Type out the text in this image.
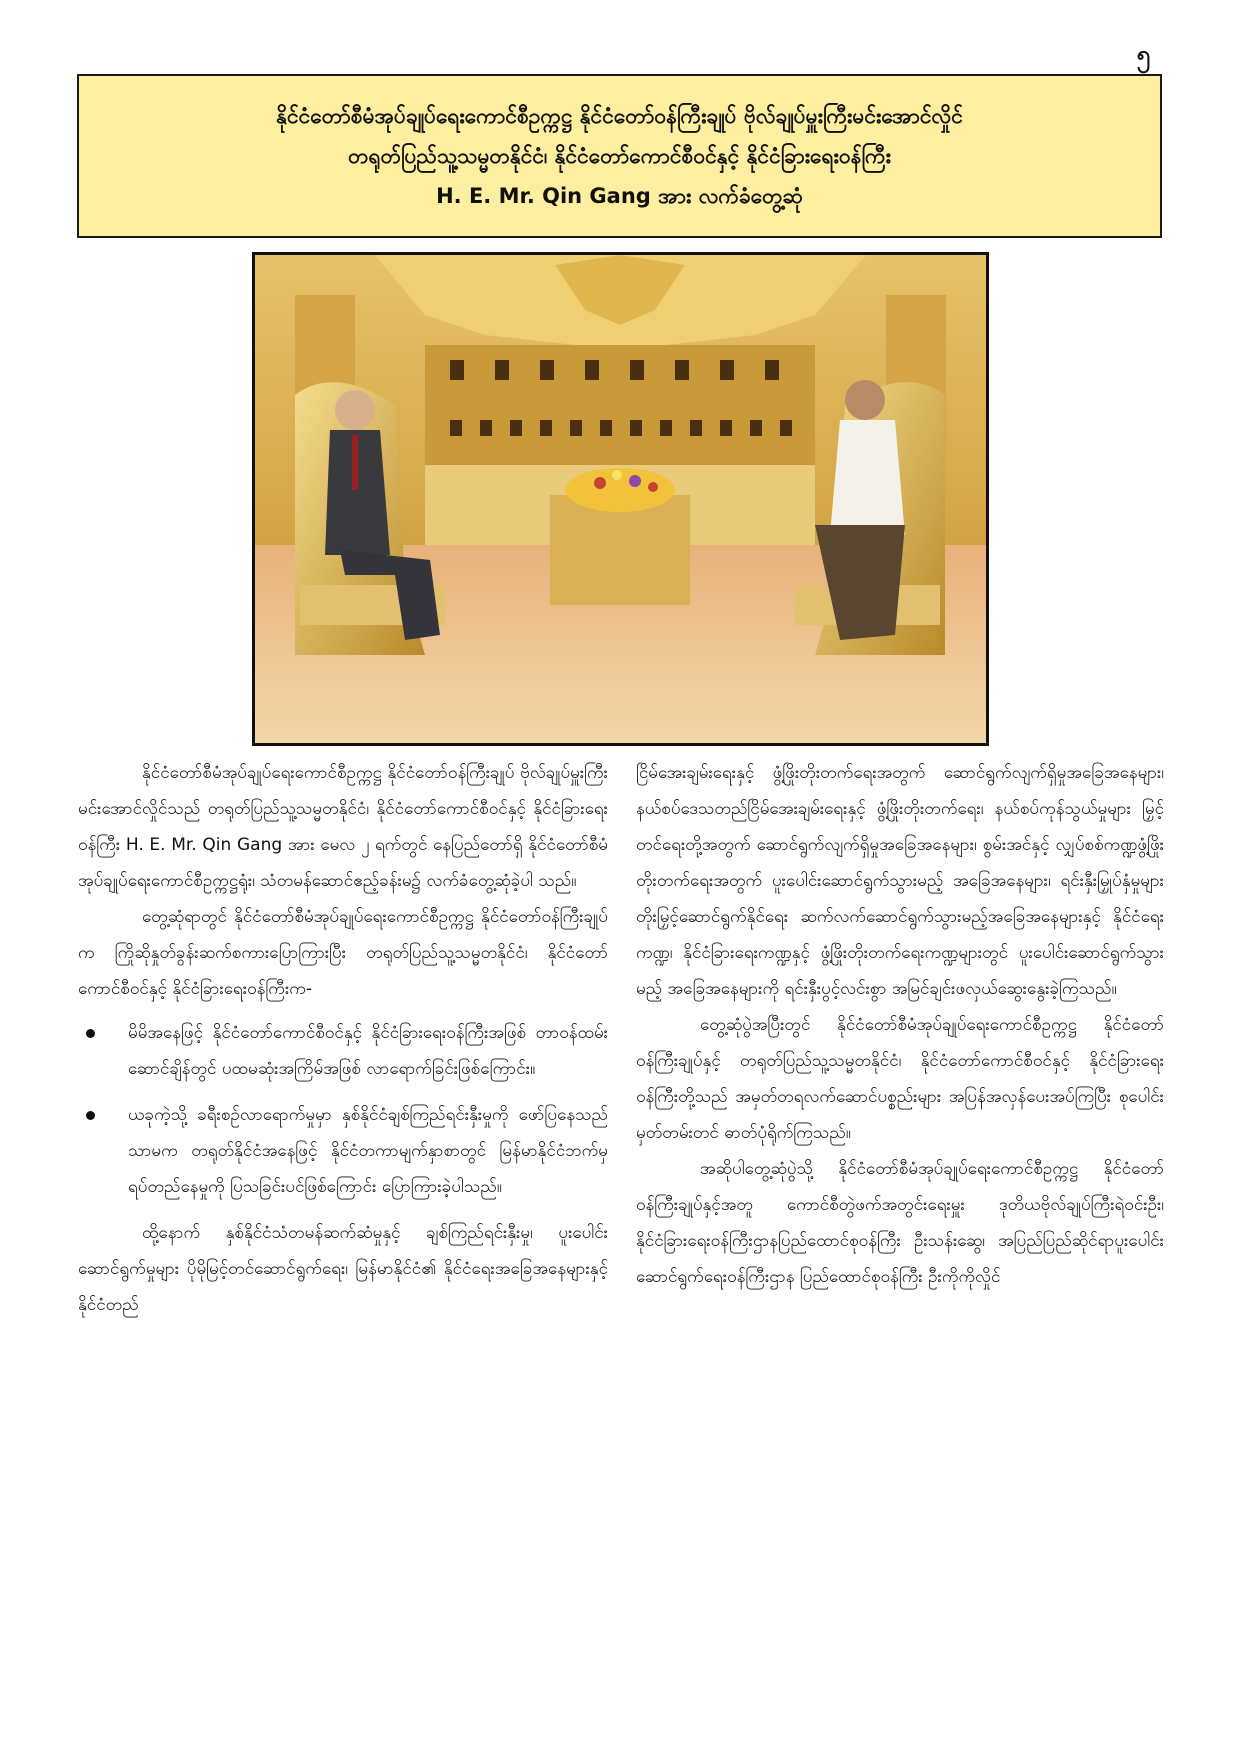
၅
နိုင်ငံတော်စီမံအုပ်ချုပ်ရေးကောင်စီဥက္ကဋ္ဌ နိုင်ငံတော်ဝန်ကြီးချုပ် ဗိုလ်ချုပ်မှူးကြီးမင်းအောင်လှိုင်
တရုတ်ပြည်သူ့သမ္မတနိုင်ငံ၊ နိုင်ငံတော်ကောင်စီဝင်နှင့် နိုင်ငံခြားရေးဝန်ကြီး
H. E. Mr. Qin Gang အား လက်ခံတွေ့ဆုံ

နိုင်ငံတော်စီမံအုပ်ချုပ်ရေးကောင်စီဥက္ကဋ္ဌ နိုင်ငံတော်ဝန်ကြီးချုပ် ဗိုလ်ချုပ်မှူးကြီး မင်းအောင်လှိုင်သည် တရုတ်ပြည်သူ့သမ္မတနိုင်ငံ၊ နိုင်ငံတော်ကောင်စီဝင်နှင့် နိုင်ငံခြားရေးဝန်ကြီး H. E. Mr. Qin Gang အား မေလ ၂ ရက်တွင် နေပြည်တော်ရှိ နိုင်ငံတော်စီမံအုပ်ချုပ်ရေးကောင်စီဥက္ကဋ္ဌရုံး၊ သံတမန်ဆောင်ဧည့်ခန်းမ၌ လက်ခံတွေ့ဆုံခဲ့ပါ သည်။

တွေ့ဆုံရာတွင် နိုင်ငံတော်စီမံအုပ်ချုပ်ရေးကောင်စီဥက္ကဋ္ဌ နိုင်ငံတော်ဝန်ကြီးချုပ်က ကြိုဆိုနှုတ်ခွန်းဆက်စကားပြောကြားပြီး တရုတ်ပြည်သူ့သမ္မတနိုင်ငံ၊ နိုင်ငံတော်ကောင်စီဝင်နှင့် နိုင်ငံခြားရေးဝန်ကြီးက-

မိမိအနေဖြင့် နိုင်ငံတော်ကောင်စီဝင်နှင့် နိုင်ငံခြားရေးဝန်ကြီးအဖြစ် တာဝန်ထမ်းဆောင်ချိန်တွင် ပထမဆုံးအကြိမ်အဖြစ် လာရောက်ခြင်းဖြစ်ကြောင်း။
ယခုကဲ့သို့ ခရီးစဉ်လာရောက်မှုမှာ နှစ်နိုင်ငံချစ်ကြည်ရင်းနှီးမှုကို ဖော်ပြနေသည်သာမက တရုတ်နိုင်ငံအနေဖြင့် နိုင်ငံတကာမျက်နှာစာတွင် မြန်မာနိုင်ငံဘက်မှ ရပ်တည်နေမှုကို ပြသခြင်းပင်ဖြစ်ကြောင်း ပြောကြားခဲ့ပါသည်။

ထို့နောက် နှစ်နိုင်ငံသံတမန်ဆက်ဆံမှုနှင့် ချစ်ကြည်ရင်းနှီးမှု၊ ပူးပေါင်းဆောင်ရွက်မှုများ ပိုမိုမြင့်တင်ဆောင်ရွက်ရေး၊ မြန်မာနိုင်ငံ၏ နိုင်ငံရေးအခြေအနေများနှင့် နိုင်ငံတည်

ငြိမ်အေးချမ်းရေးနှင့် ဖွံ့ဖြိုးတိုးတက်ရေးအတွက် ဆောင်ရွက်လျက်ရှိမှုအခြေအနေများ၊ နယ်စပ်ဒေသတည်ငြိမ်အေးချမ်းရေးနှင့် ဖွံ့ဖြိုးတိုးတက်ရေး၊ နယ်စပ်ကုန်သွယ်မှုများ မြှင့်တင်ရေးတို့အတွက် ဆောင်ရွက်လျက်ရှိမှုအခြေအနေများ၊ စွမ်းအင်နှင့် လျှပ်စစ်ကဏ္ဍဖွံ့ဖြိုးတိုးတက်ရေးအတွက် ပူးပေါင်းဆောင်ရွက်သွားမည့် အခြေအနေများ၊ ရင်းနှီးမြှုပ်နှံမှုများတိုးမြှင့်ဆောင်ရွက်နိုင်ရေး ဆက်လက်ဆောင်ရွက်သွားမည့်အခြေအနေများနှင့် နိုင်ငံရေးကဏ္ဍ၊ နိုင်ငံခြားရေးကဏ္ဍနှင့် ဖွံ့ဖြိုးတိုးတက်ရေးကဏ္ဍများတွင် ပူးပေါင်းဆောင်ရွက်သွားမည့် အခြေအနေများကို ရင်းနှီးပွင့်လင်းစွာ အမြင်ချင်းဖလှယ်ဆွေးနွေးခဲ့ကြသည်။

တွေ့ဆုံပွဲအပြီးတွင် နိုင်ငံတော်စီမံအုပ်ချုပ်ရေးကောင်စီဥက္ကဋ္ဌ နိုင်ငံတော်ဝန်ကြီးချုပ်နှင့် တရုတ်ပြည်သူ့သမ္မတနိုင်ငံ၊ နိုင်ငံတော်ကောင်စီဝင်နှင့် နိုင်ငံခြားရေးဝန်ကြီးတို့သည် အမှတ်တရလက်ဆောင်ပစ္စည်းများ အပြန်အလှန်ပေးအပ်ကြပြီး စုပေါင်းမှတ်တမ်းတင် ဓာတ်ပုံရိုက်ကြသည်။

အဆိုပါတွေ့ဆုံပွဲသို့ နိုင်ငံတော်စီမံအုပ်ချုပ်ရေးကောင်စီဥက္ကဋ္ဌ နိုင်ငံတော်ဝန်ကြီးချုပ်နှင့်အတူ ကောင်စီတွဲဖက်အတွင်းရေးမှူး ဒုတိယဗိုလ်ချုပ်ကြီးရဲဝင်းဦး၊ နိုင်ငံခြားရေးဝန်ကြီးဌာနပြည်ထောင်စုဝန်ကြီး ဦးသန်းဆွေ၊ အပြည်ပြည်ဆိုင်ရာပူးပေါင်းဆောင်ရွက်ရေးဝန်ကြီးဌာန ပြည်ထောင်စုဝန်ကြီး ဦးကိုကိုလှိုင်
